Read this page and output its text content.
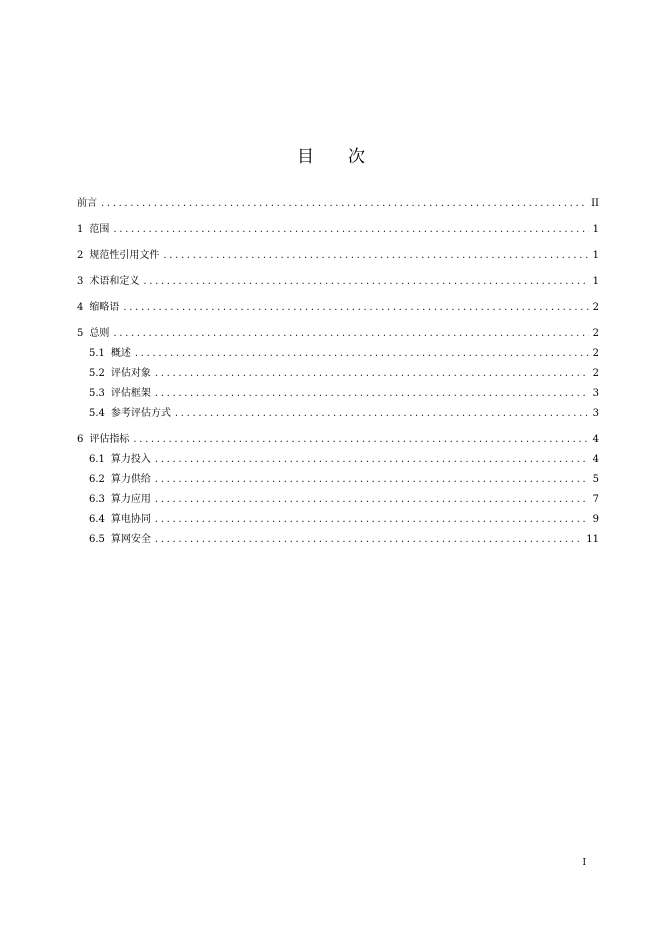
目次
前言 . . .	II
1 范围 . . .	1
2 规范性引用文件 . . .	1
3 术语和定义 . . .	1
4 缩略语 . . .	2
5 总则 . . .	2
5.1 概述 . . .	2
5.2 评估对象 . . .	2
5.3 评估框架 . . .	3
5.4 参考评估方式 . . .	3
6 评估指标 . . .	4
6.1 算力投入 . . .	4
6.2 算力供给 . . .	5
6.3 算力应用 . . .	7
6.4 算电协同 . . .	9
6.5 算网安全 . . .	11
I
